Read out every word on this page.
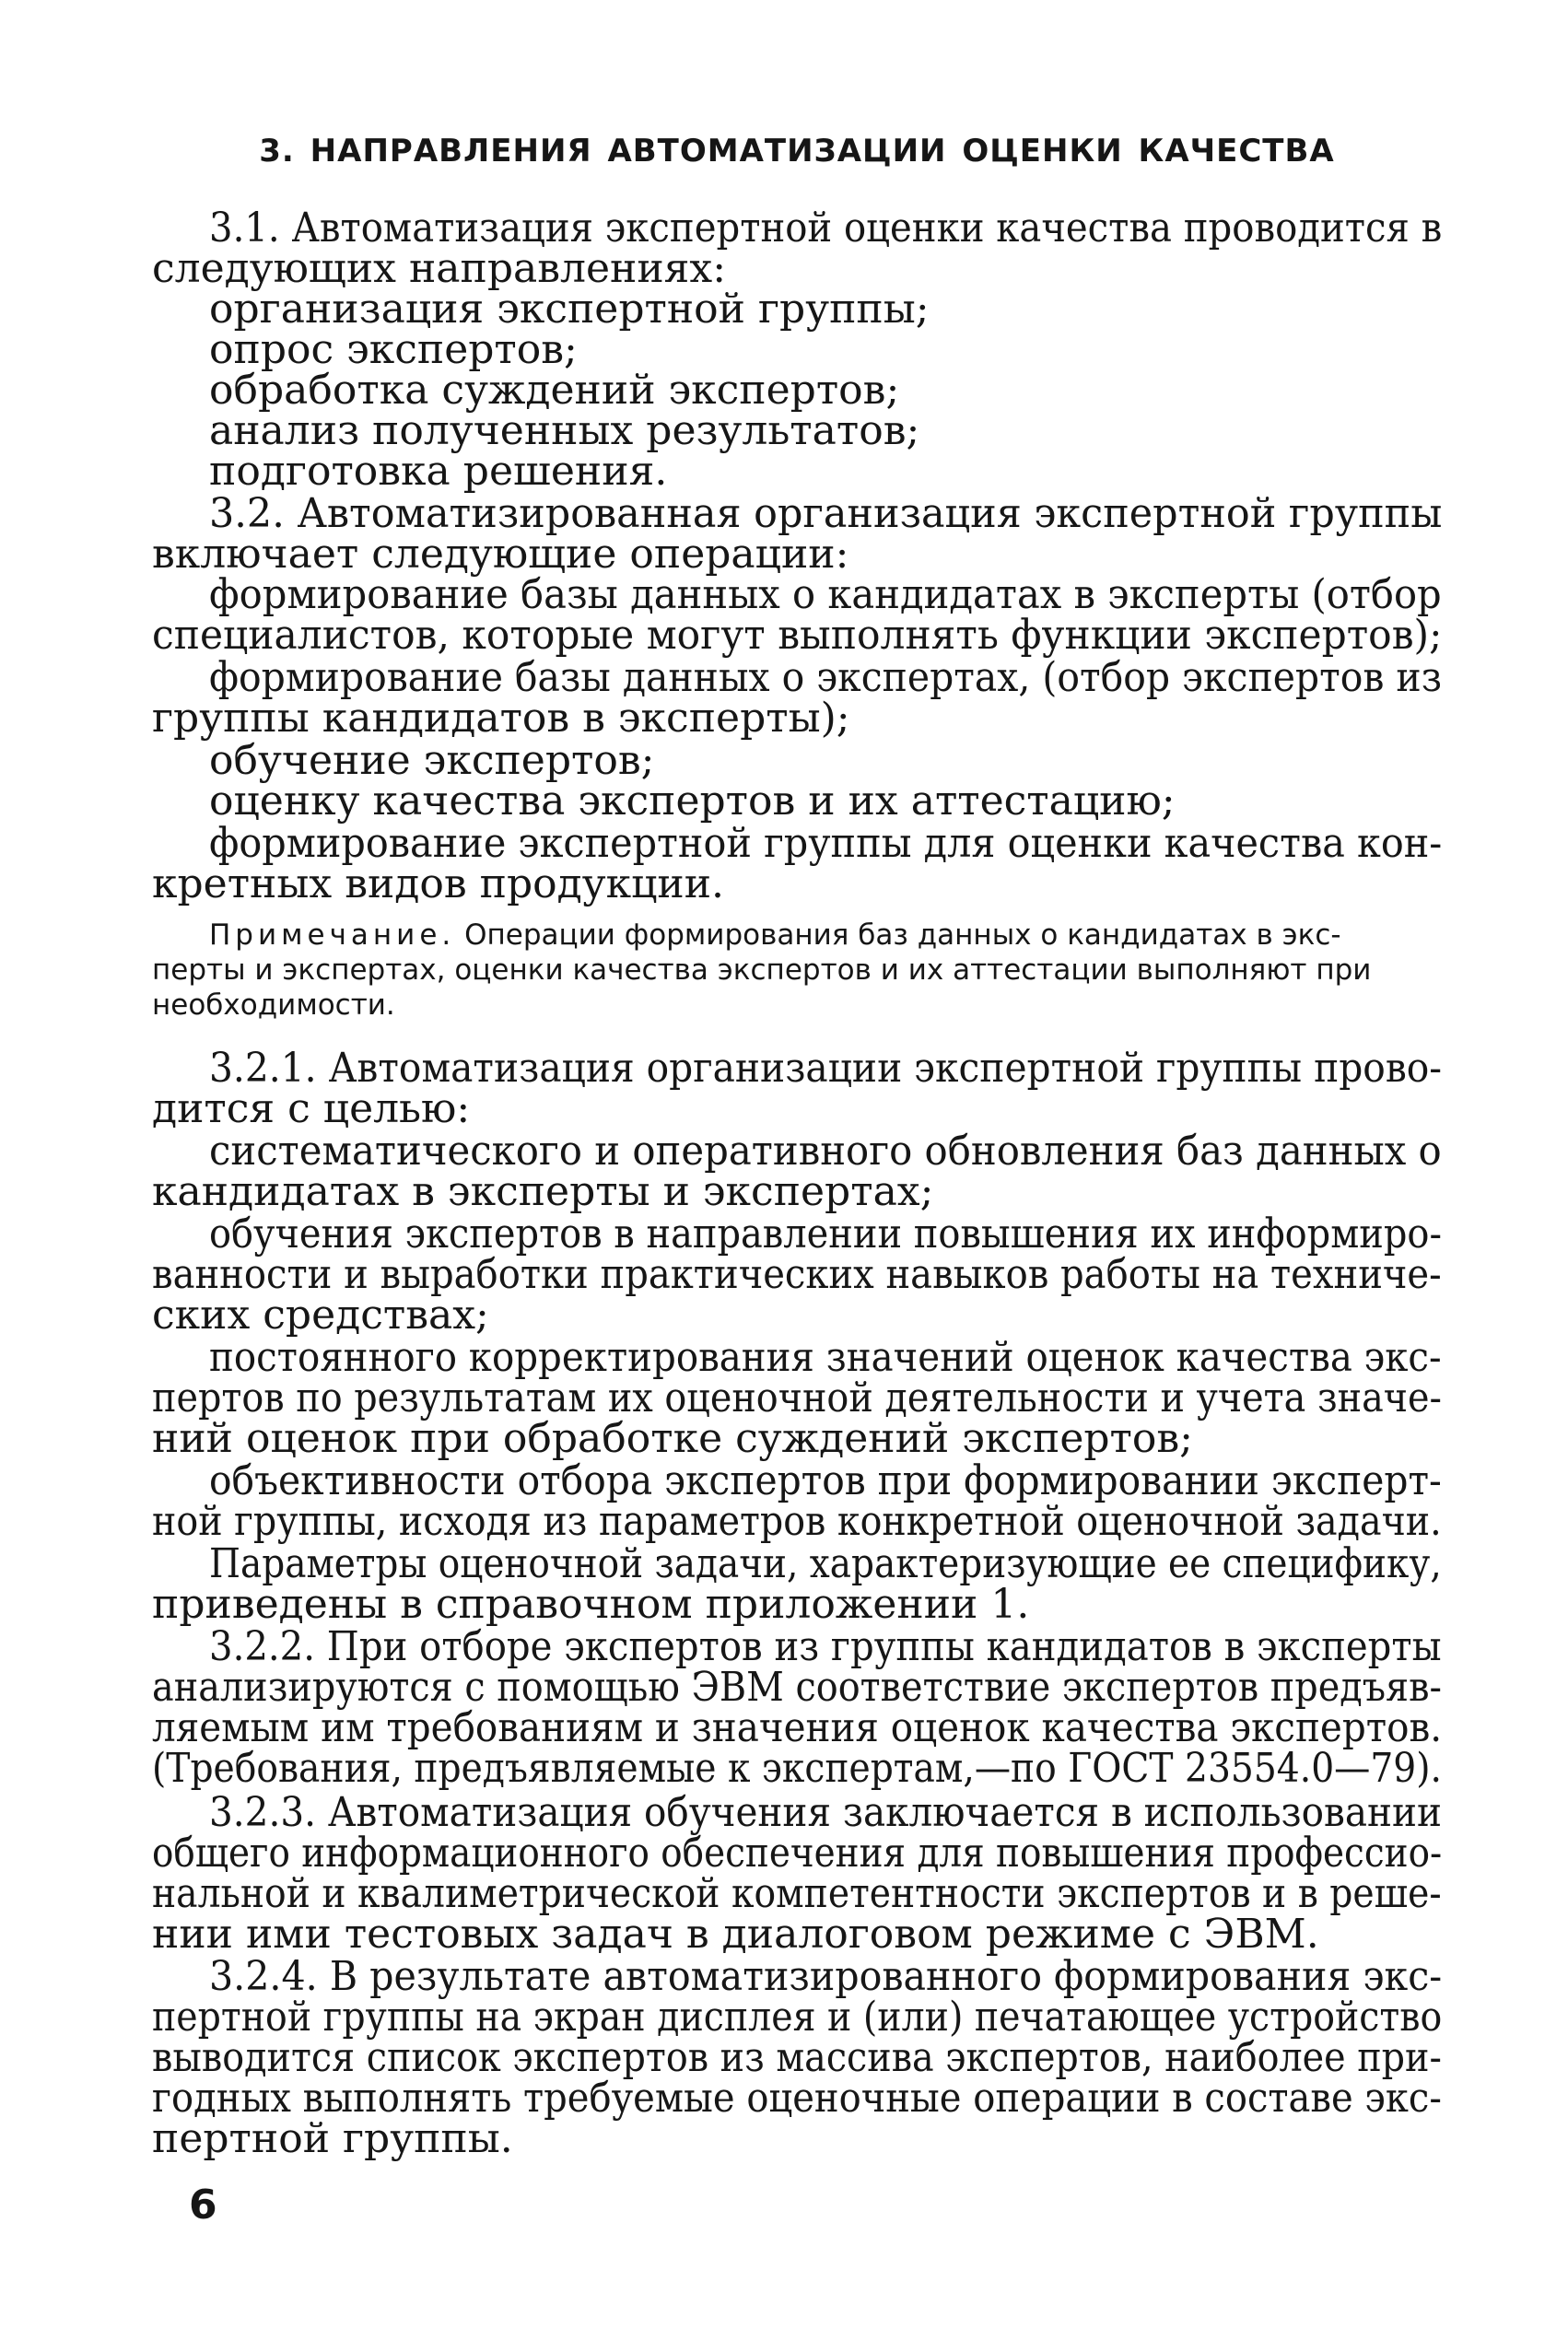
3. НАПРАВЛЕНИЯ АВТОМАТИЗАЦИИ ОЦЕНКИ КАЧЕСТВА

3.1. Автоматизация экспертной оценки качества проводится в

следующих направлениях:

организация экспертной группы;

опрос экспертов;

обработка суждений экспертов;

анализ полученных результатов;

подготовка решения.

3.2. Автоматизированная организация экспертной группы

включает следующие операции:

формирование базы данных о кандидатах в эксперты (отбор

специалистов, которые могут выполнять функции экспертов);

формирование базы данных о экспертах, (отбор экспертов из

группы кандидатов в эксперты);

обучение экспертов;

оценку качества экспертов и их аттестацию;

формирование экспертной группы для оценки качества кон-

кретных видов продукции.

Примечание. Операции формирования баз данных о кандидатах в экс-

перты и экспертах, оценки качества экспертов и их аттестации выполняют при

необходимости.

3.2.1. Автоматизация организации экспертной группы прово-

дится с целью:

систематического и оперативного обновления баз данных о

кандидатах в эксперты и экспертах;

обучения экспертов в направлении повышения их информиро-

ванности и выработки практических навыков работы на техниче-

ских средствах;

постоянного корректирования значений оценок качества экс-

пертов по результатам их оценочной деятельности и учета значе-

ний оценок при обработке суждений экспертов;

объективности отбора экспертов при формировании эксперт-

ной группы, исходя из параметров конкретной оценочной задачи.

Параметры оценочной задачи, характеризующие ее специфику,

приведены в справочном приложении 1.

3.2.2. При отборе экспертов из группы кандидатов в эксперты

анализируются с помощью ЭВМ соответствие экспертов предъяв-

ляемым им требованиям и значения оценок качества экспертов.

(Требования, предъявляемые к экспертам,—по ГОСТ 23554.0—79).

3.2.3. Автоматизация обучения заключается в использовании

общего информационного обеспечения для повышения профессио-

нальной и квалиметрической компетентности экспертов и в реше-

нии ими тестовых задач в диалоговом режиме с ЭВМ.

3.2.4. В результате автоматизированного формирования экс-

пертной группы на экран дисплея и (или) печатающее устройство

выводится список экспертов из массива экспертов, наиболее при-

годных выполнять требуемые оценочные операции в составе экс-

пертной группы.

6
